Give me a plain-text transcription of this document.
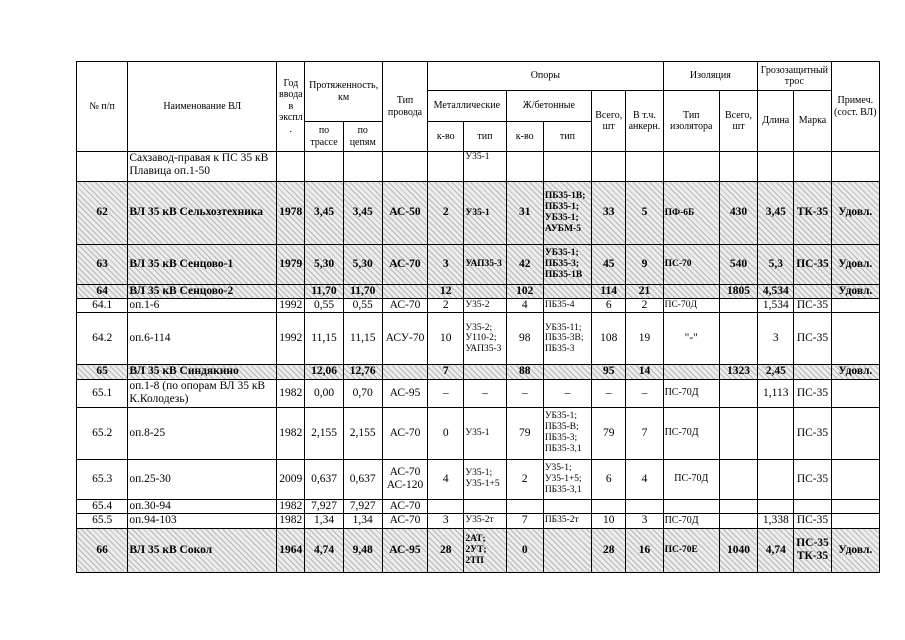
№ п/п	Наименование ВЛ	Год ввода в экспл.	Протяженность, км		Тип провода	Опоры						Изоляция		Грозозащитный трос		Примеч. (сост. ВЛ)
						Металлические		Ж/бетонные		Всего, шт	В т.ч. анкерн.	Тип изолятора	Всего, шт	Длина	Марка	
			по трассе	по цепям		к-во	тип	к-во	тип							
	Сахзавод-правая к ПС 35 кВ Плавица оп.1-50						У35-1									
62	ВЛ 35 кВ Сельхозтехника	1978	3,45	3,45	АС-50	2	У35-1	31	ПБ35-1В; ПБ35-1; УБ35-1; АУБМ-5	33	5	ПФ-6Б	430	3,45	ТК-35	Удовл.
63	ВЛ 35 кВ Сенцово-1	1979	5,30	5,30	АС-70	3	УАП35-3	42	УБ35-1; ПБ35-3; ПБ35-1В	45	9	ПС-70	540	5,3	ПС-35	Удовл.
64	ВЛ 35 кВ Сенцово-2		11,70	11,70		12		102		114	21		1805	4,534		Удовл.
64.1	оп.1-6	1992	0,55	0,55	АС-70	2	У35-2	4	ПБ35-4	6	2	ПС-70Д		1,534	ПС-35	
64.2	оп.6-114	1992	11,15	11,15	АСУ-70	10	У35-2; У110-2; УАП35-3	98	УБ35-11; ПБ35-3В; ПБ35-3	108	19	"-"		3	ПС-35	
65	ВЛ 35 кВ Синдякино		12,06	12,76		7		88		95	14		1323	2,45		Удовл.
65.1	оп.1-8 (по опорам ВЛ 35 кВ К.Колодезь)	1982	0,00	0,70	АС-95	–	–	–	–	–	–	ПС-70Д		1,113	ПС-35	
65.2	оп.8-25	1982	2,155	2,155	АС-70	0	У35-1	79	УБ35-1; ПБ35-В; ПБ35-3; ПБ35-3,1	79	7	ПС-70Д			ПС-35	
65.3	оп.25-30	2009	0,637	0,637	АС-70 АС-120	4	У35-1; У35-1+5	2	У35-1; У35-1+5; ПБ35-3,1	6	4	ПС-70Д			ПС-35	
65.4	оп.30-94	1982	7,927	7,927	АС-70											
65.5	оп.94-103	1982	1,34	1,34	АС-70	3	У35-2т	7	ПБ35-2т	10	3	ПС-70Д		1,338	ПС-35	
66	ВЛ 35 кВ Сокол	1964	4,74	9,48	АС-95	28	2АТ; 2УТ; 2ТП	0		28	16	ПС-70Е	1040	4,74	ПС-35 ТК-35	Удовл.
